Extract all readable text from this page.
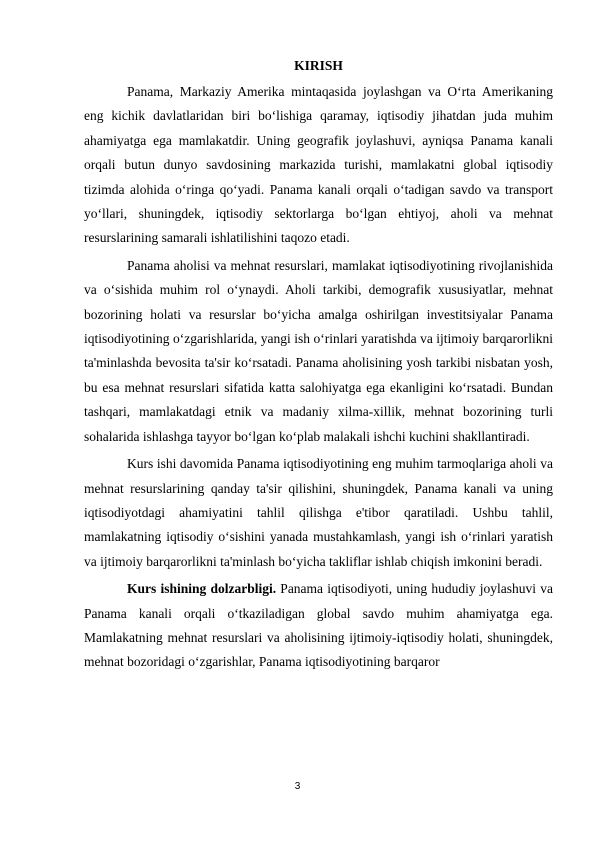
KIRISH

Panama, Markaziy Amerika mintaqasida joylashgan va O‘rta Amerikaning eng kichik davlatlaridan biri bo‘lishiga qaramay, iqtisodiy jihatdan juda muhim ahamiyatga ega mamlakatdir. Uning geografik joylashuvi, ayniqsa Panama kanali orqali butun dunyo savdosining markazida turishi, mamlakatni global iqtisodiy tizimda alohida o‘ringa qo‘yadi. Panama kanali orqali o‘tadigan savdo va transport yo‘llari, shuningdek, iqtisodiy sektorlarga bo‘lgan ehtiyoj, aholi va mehnat resurslarining samarali ishlatilishini taqozo etadi.

Panama aholisi va mehnat resurslari, mamlakat iqtisodiyotining rivojlanishida va o‘sishida muhim rol o‘ynaydi. Aholi tarkibi, demografik xususiyatlar, mehnat bozorining holati va resurslar bo‘yicha amalga oshirilgan investitsiyalar Panama iqtisodiyotining o‘zgarishlarida, yangi ish o‘rinlari yaratishda va ijtimoiy barqarorlikni ta'minlashda bevosita ta'sir ko‘rsatadi. Panama aholisining yosh tarkibi nisbatan yosh, bu esa mehnat resurslari sifatida katta salohiyatga ega ekanligini ko‘rsatadi. Bundan tashqari, mamlakatdagi etnik va madaniy xilma-xillik, mehnat bozorining turli sohalarida ishlashga tayyor bo‘lgan ko‘plab malakali ishchi kuchini shakllantiradi.

Kurs ishi davomida Panama iqtisodiyotining eng muhim tarmoqlariga aholi va mehnat resurslarining qanday ta'sir qilishini, shuningdek, Panama kanali va uning iqtisodiyotdagi ahamiyatini tahlil qilishga e'tibor qaratiladi. Ushbu tahlil, mamlakatning iqtisodiy o‘sishini yanada mustahkamlash, yangi ish o‘rinlari yaratish va ijtimoiy barqarorlikni ta'minlash bo‘yicha takliflar ishlab chiqish imkonini beradi.

Kurs ishining dolzarbligi. Panama iqtisodiyoti, uning hududiy joylashuvi va Panama kanali orqali o‘tkaziladigan global savdo muhim ahamiyatga ega. Mamlakatning mehnat resurslari va aholisining ijtimoiy-iqtisodiy holati, shuningdek, mehnat bozoridagi o‘zgarishlar, Panama iqtisodiyotining barqaror

3
